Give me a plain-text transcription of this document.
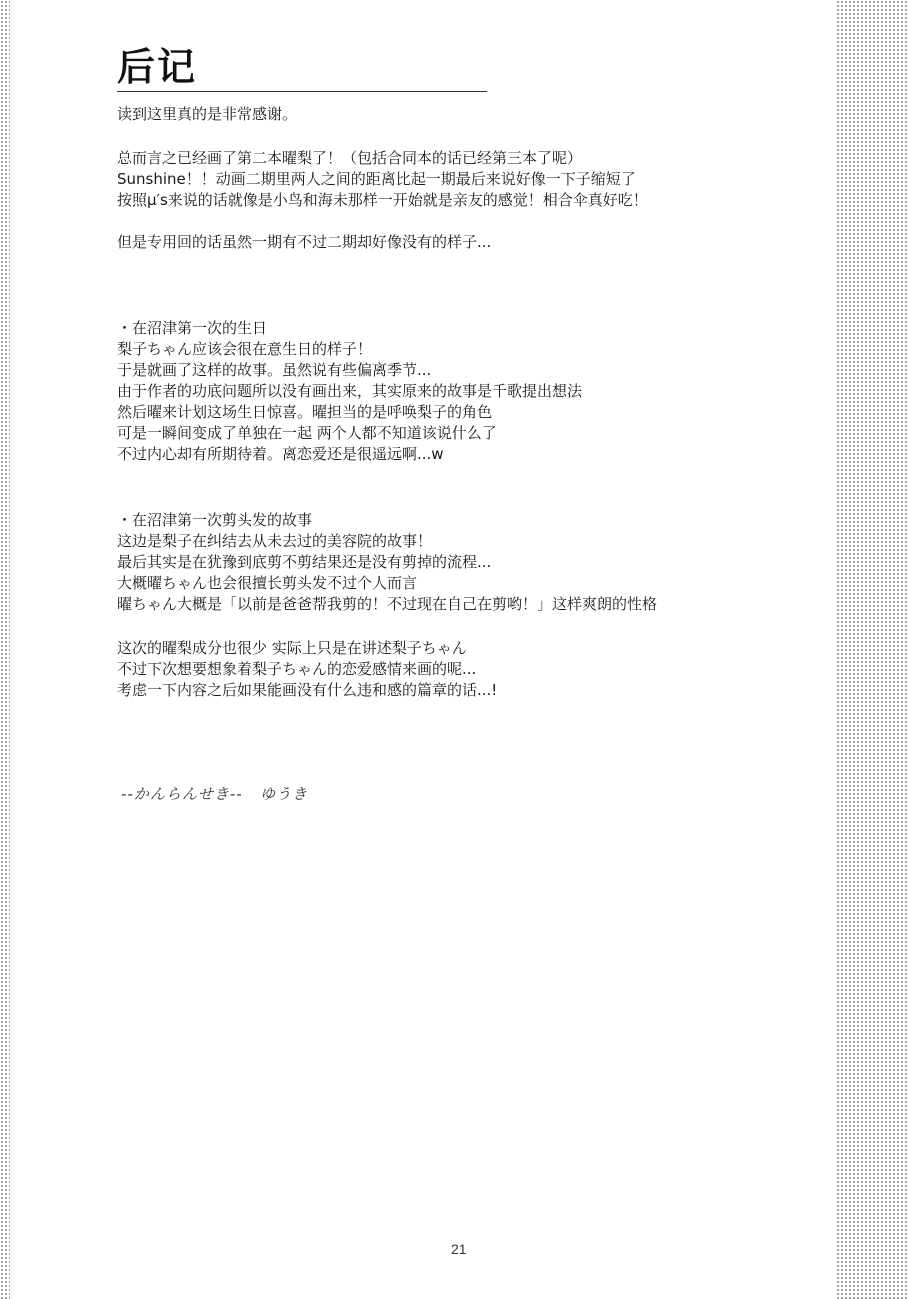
后记

读到这里真的是非常感谢。

总而言之已经画了第二本曜梨了！（包括合同本的话已经第三本了呢）

Sunshine！！动画二期里两人之间的距离比起一期最后来说好像一下子缩短了

按照μ′s来说的话就像是小鸟和海未那样一开始就是亲友的感觉！相合伞真好吃！

但是专用回的话虽然一期有不过二期却好像没有的样子...

・在沼津第一次的生日

梨子ちゃん应该会很在意生日的样子！

于是就画了这样的故事。虽然说有些偏离季节...

由于作者的功底问题所以没有画出来，其实原来的故事是千歌提出想法

然后曜来计划这场生日惊喜。曜担当的是呼唤梨子的角色

可是一瞬间变成了单独在一起 两个人都不知道该说什么了

不过内心却有所期待着。离恋爱还是很遥远啊...w

・在沼津第一次剪头发的故事

这边是梨子在纠结去从未去过的美容院的故事！

最后其实是在犹豫到底剪不剪结果还是没有剪掉的流程...

大概曜ちゃん也会很擅长剪头发不过个人而言

曜ちゃん大概是「以前是爸爸帮我剪的！不过现在自己在剪哟！」这样爽朗的性格

这次的曜梨成分也很少 实际上只是在讲述梨子ちゃん

不过下次想要想象着梨子ちゃん的恋爱感情来画的呢...

考虑一下内容之后如果能画没有什么违和感的篇章的话...!

--かんらんせき--   ゆうき
21
